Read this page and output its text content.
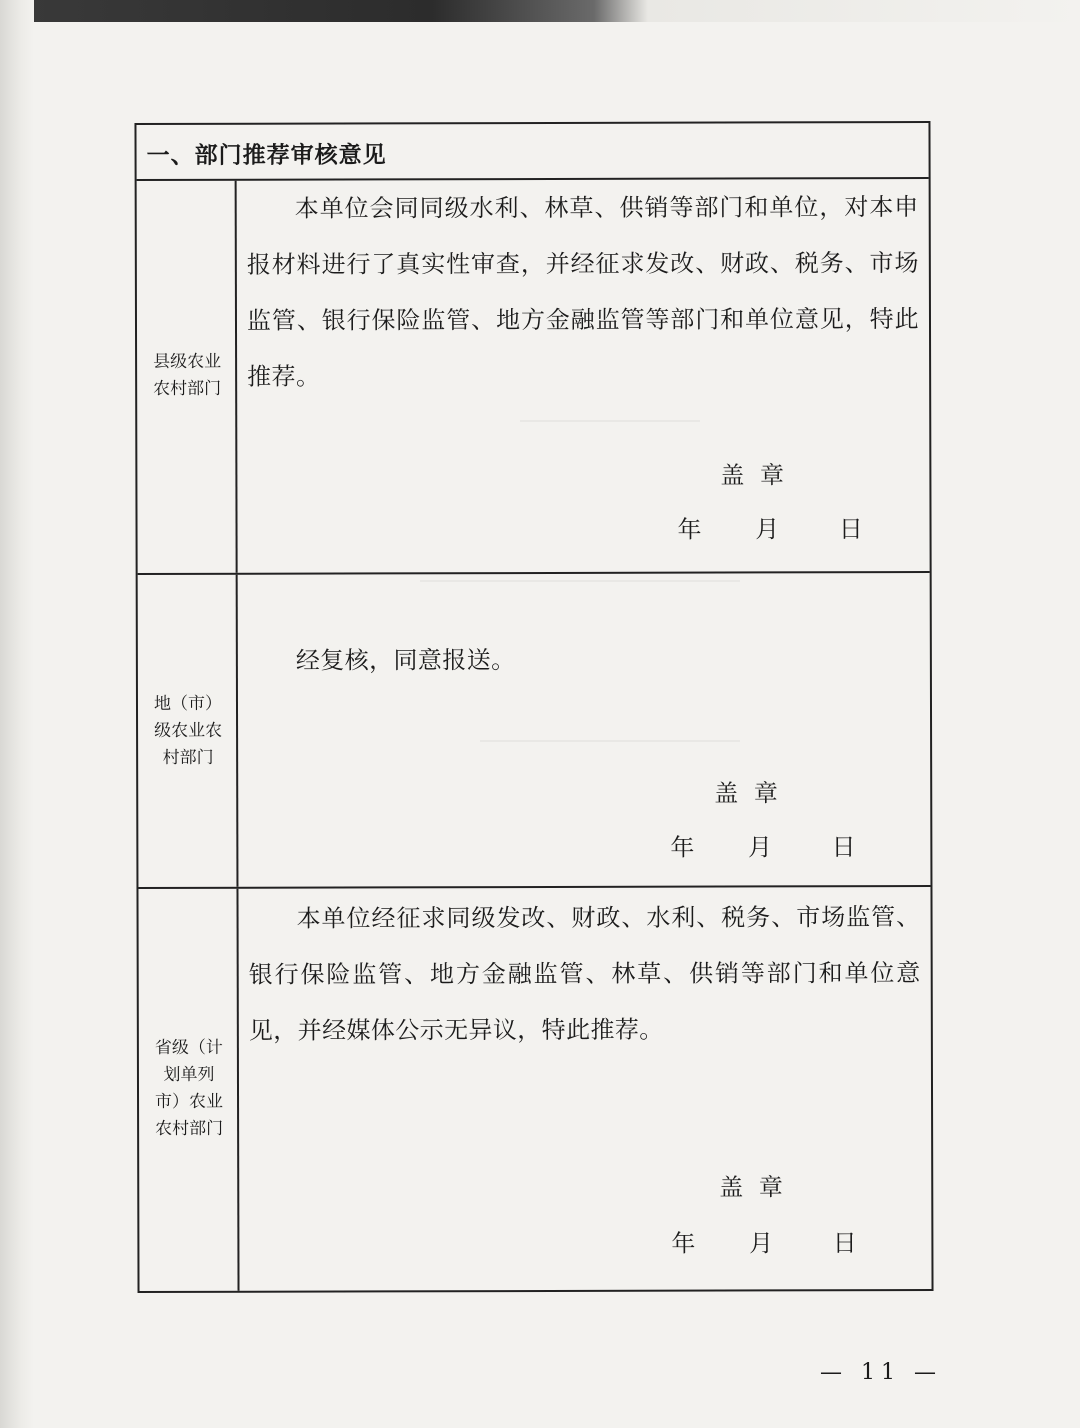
一、部门推荐审核意见
县级农业
农村部门
本单位会同同级水利、林草、供销等部门和单位，对本申报材料进行了真实性审查，并经征求发改、财政、税务、市场监管、银行保险监管、地方金融监管等部门和单位意见，特此推荐。
盖 章
年 月 日
地（市）
级农业农
村部门
经复核，同意报送。
盖 章
年 月 日
省级（计
划单列
市）农业
农村部门
本单位经征求同级发改、财政、水利、税务、市场监管、银行保险监管、地方金融监管、林草、供销等部门和单位意见，并经媒体公示无异议，特此推荐。
盖 章
年 月 日
— 11 —
